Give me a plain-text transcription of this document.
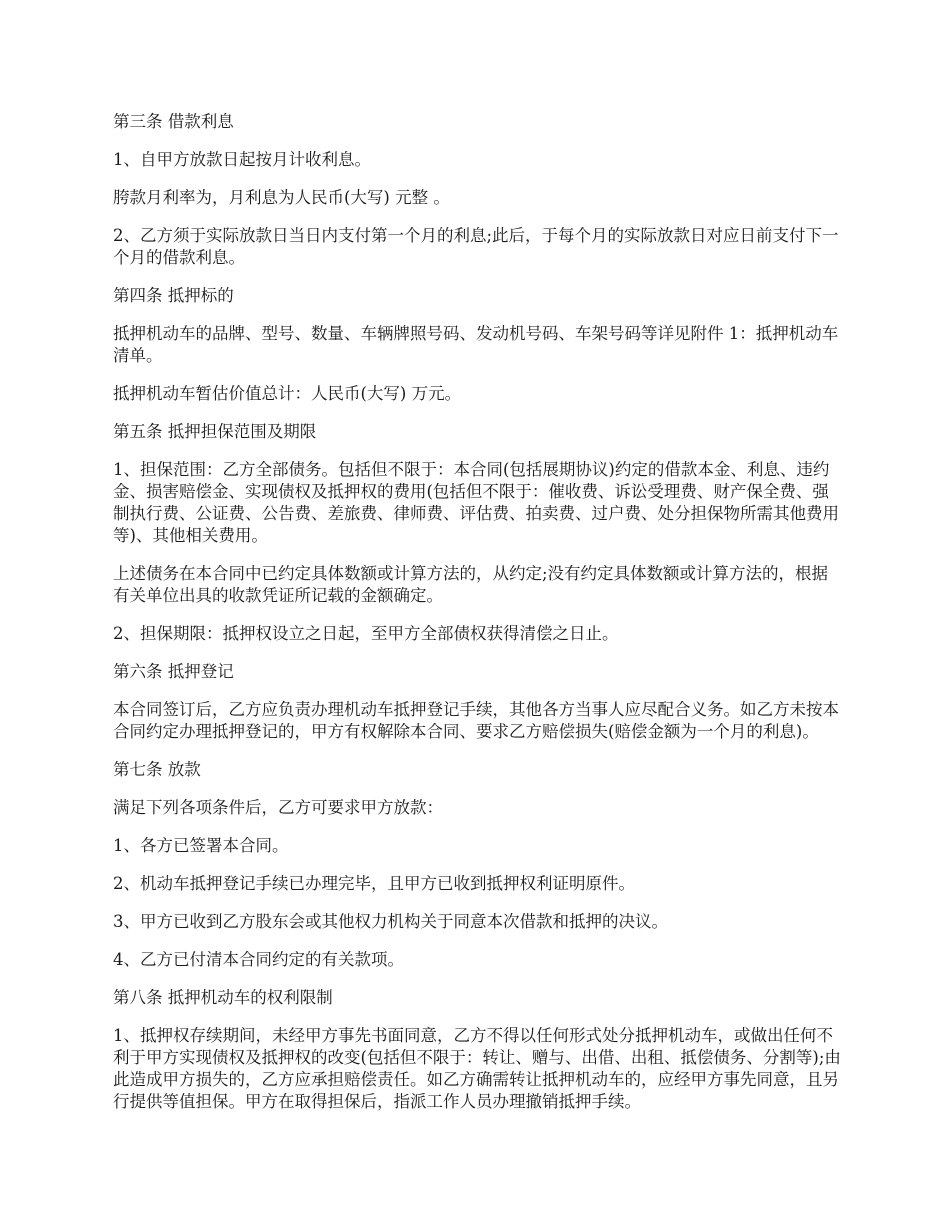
第三条 借款利息

1、自甲方放款日起按月计收利息。

胯款月利率为，月利息为人民币(大写) 元整 。

2、乙方须于实际放款日当日内支付第一个月的利息;此后，于每个月的实际放款日对应日前支付下一个月的借款利息。

第四条 抵押标的

抵押机动车的品牌、型号、数量、车辆牌照号码、发动机号码、车架号码等详见附件 1：抵押机动车清单。

抵押机动车暂估价值总计：人民币(大写) 万元。

第五条 抵押担保范围及期限

1、担保范围：乙方全部债务。包括但不限于：本合同(包括展期协议)约定的借款本金、利息、违约金、损害赔偿金、实现债权及抵押权的费用(包括但不限于：催收费、诉讼受理费、财产保全费、强制执行费、公证费、公告费、差旅费、律师费、评估费、拍卖费、过户费、处分担保物所需其他费用等)、其他相关费用。

上述债务在本合同中已约定具体数额或计算方法的，从约定;没有约定具体数额或计算方法的，根据有关单位出具的收款凭证所记载的金额确定。

2、担保期限：抵押权设立之日起，至甲方全部债权获得清偿之日止。

第六条 抵押登记

本合同签订后，乙方应负责办理机动车抵押登记手续，其他各方当事人应尽配合义务。如乙方未按本合同约定办理抵押登记的，甲方有权解除本合同、要求乙方赔偿损失(赔偿金额为一个月的利息)。

第七条 放款

满足下列各项条件后，乙方可要求甲方放款：

1、各方已签署本合同。

2、机动车抵押登记手续已办理完毕，且甲方已收到抵押权利证明原件。

3、甲方已收到乙方股东会或其他权力机构关于同意本次借款和抵押的决议。

4、乙方已付清本合同约定的有关款项。

第八条 抵押机动车的权利限制

1、抵押权存续期间，未经甲方事先书面同意，乙方不得以任何形式处分抵押机动车，或做出任何不利于甲方实现债权及抵押权的改变(包括但不限于：转让、赠与、出借、出租、抵偿债务、分割等);由此造成甲方损失的，乙方应承担赔偿责任。如乙方确需转让抵押机动车的，应经甲方事先同意，且另行提供等值担保。甲方在取得担保后，指派工作人员办理撤销抵押手续。
